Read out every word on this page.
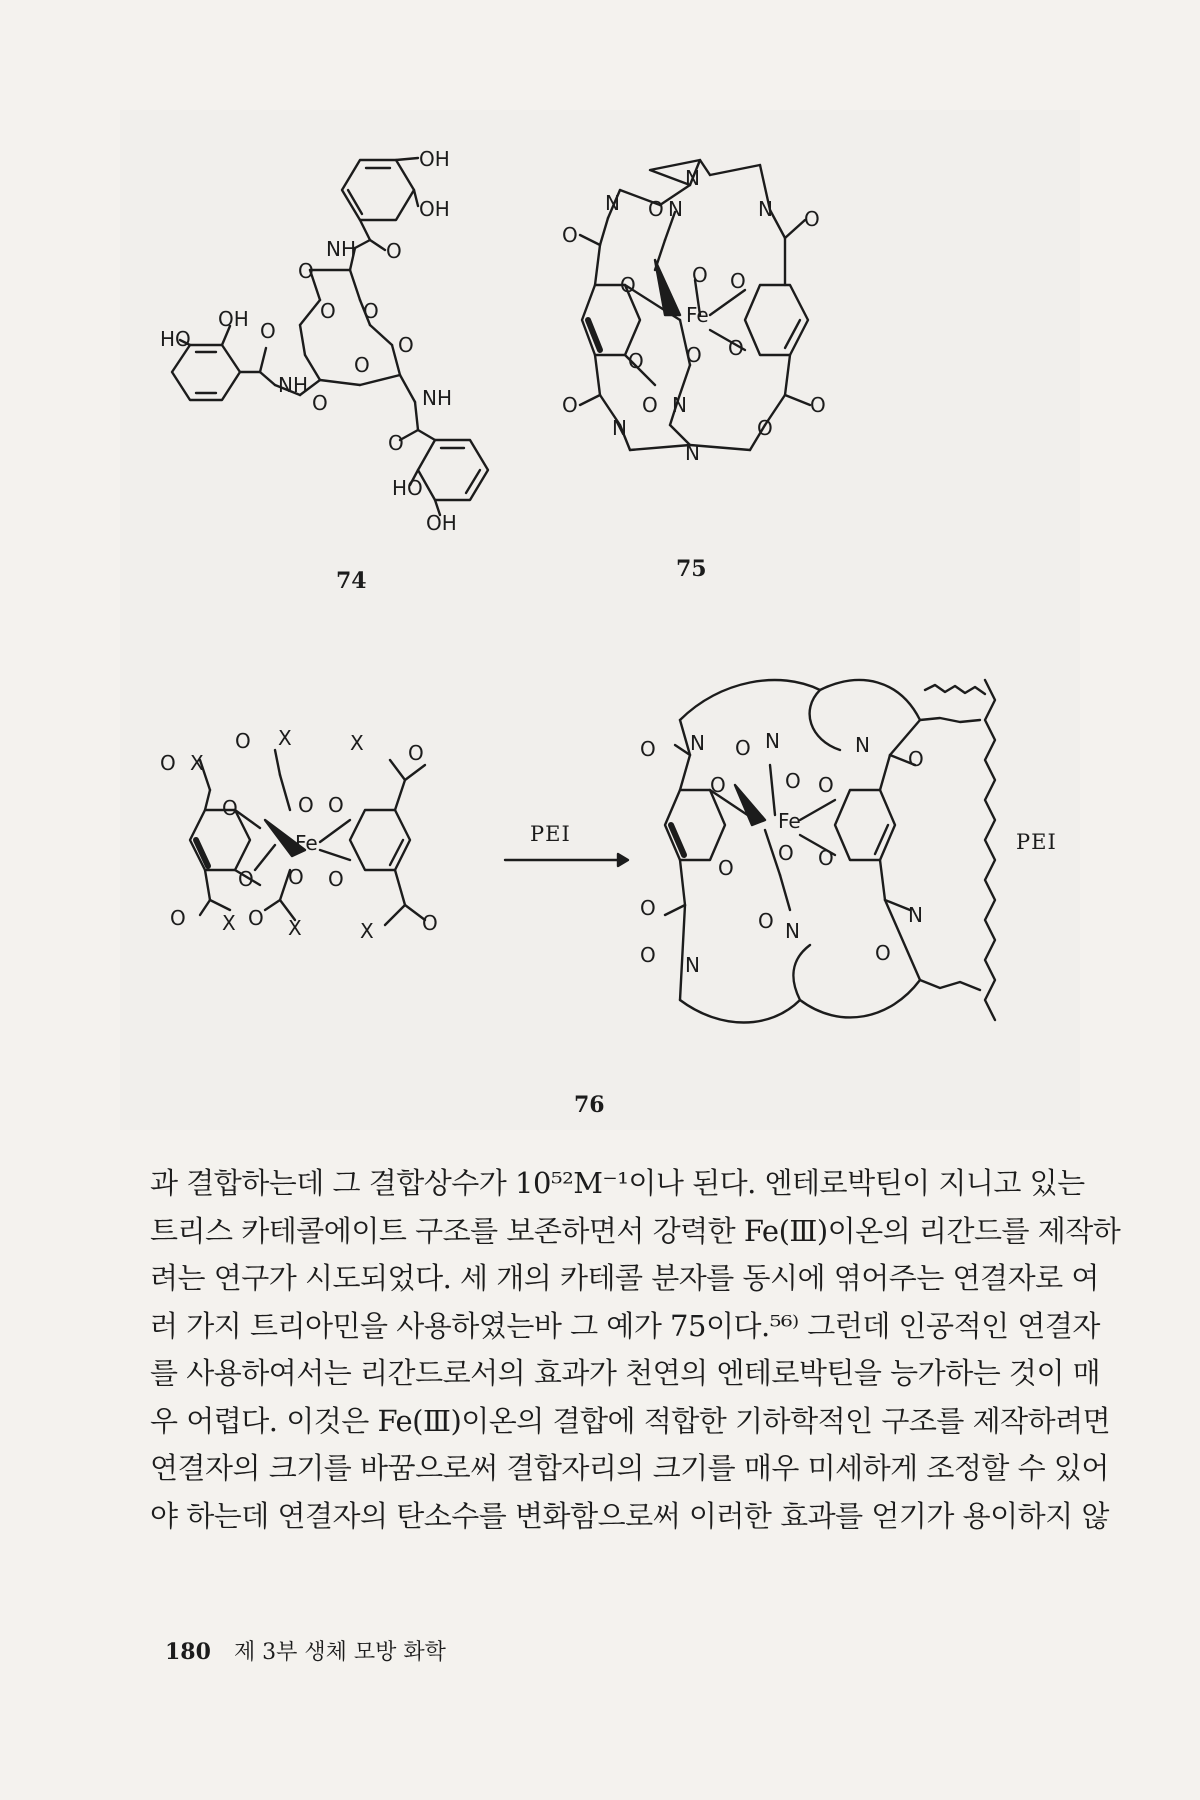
OH
OH
NH O
O
O O
O
HO
OH O
NH
O
O	NH
O
HO
OH
74
N N
N
N
O
O	O
O	O O
Fe
O
O O
O N
O
N
N
O
O
75
O X
O X	X O
O	O O
O
Fe
O
O
O X
O X	O
X
PEI
N O N	N
O	O
O	O O
Fe
O
O
O
O
O	N
N
O N	O
PEI
76

과 결합하는데 그 결합상수가 10⁵²M⁻¹이나 된다. 엔테로박틴이 지니고 있는

트리스 카테콜에이트 구조를 보존하면서 강력한 Fe(Ⅲ)이온의 리간드를 제작하

려는 연구가 시도되었다. 세 개의 카테콜 분자를 동시에 엮어주는 연결자로 여

러 가지 트리아민을 사용하였는바 그 예가 75이다.⁵⁶⁾ 그런데 인공적인 연결자

를 사용하여서는 리간드로서의 효과가 천연의 엔테로박틴을 능가하는 것이 매

우 어렵다. 이것은 Fe(Ⅲ)이온의 결합에 적합한 기하학적인 구조를 제작하려면

연결자의 크기를 바꿈으로써 결합자리의 크기를 매우 미세하게 조정할 수 있어

야 하는데 연결자의 탄소수를 변화함으로써 이러한 효과를 얻기가 용이하지 않

180 제 3부 생체 모방 화학
